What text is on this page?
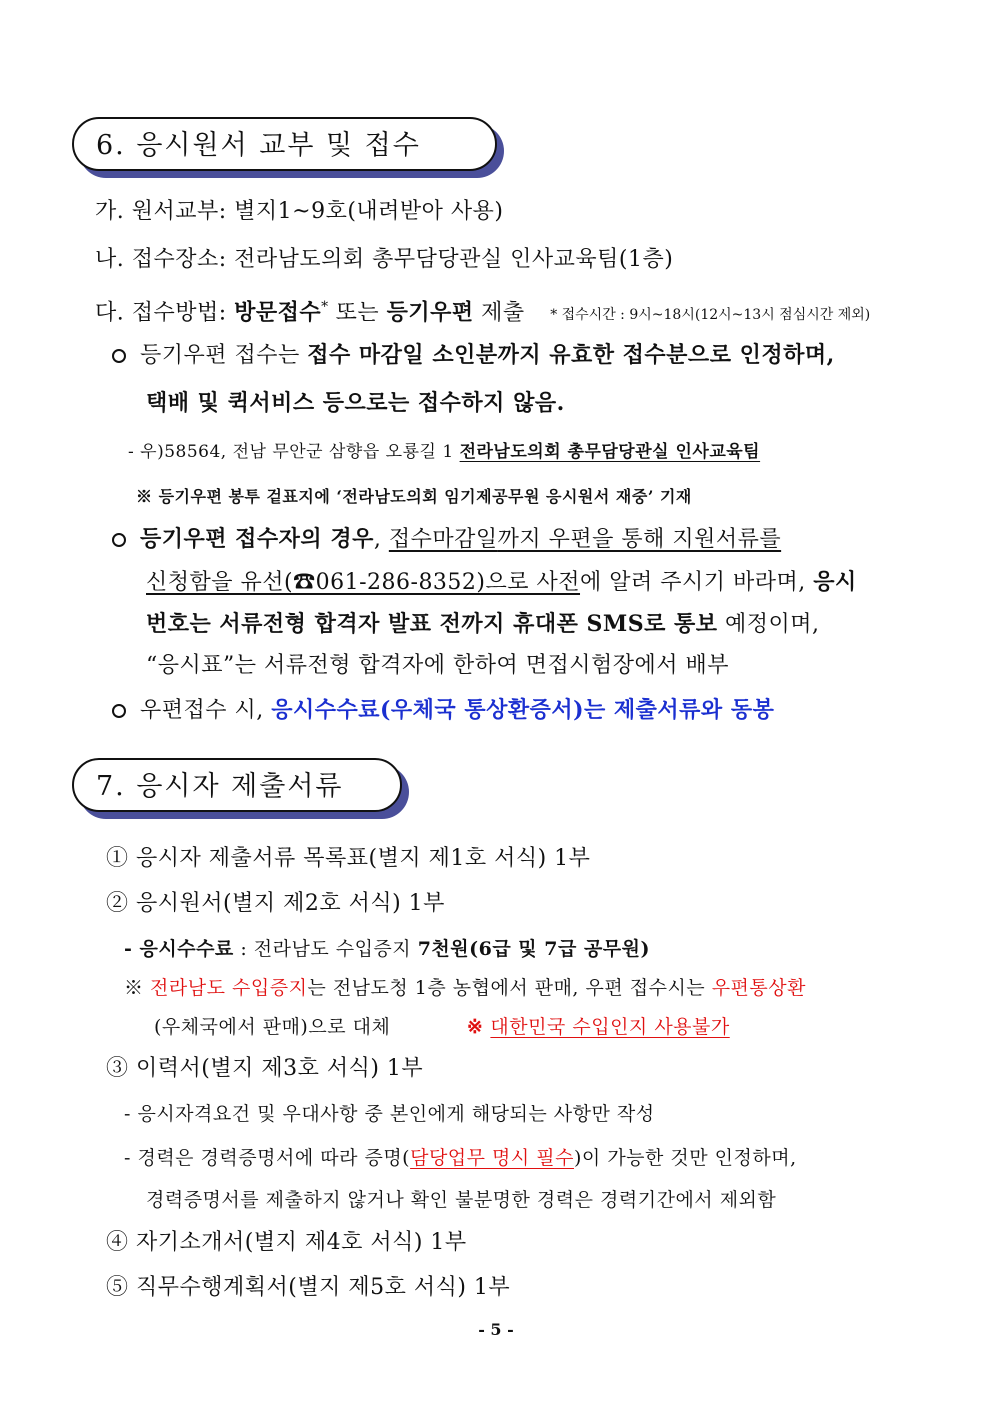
6. 응시원서 교부 및 접수
가. 원서교부: 별지1~9호(내려받아 사용)
나. 접수장소: 전라남도의회 총무담당관실 인사교육팀(1층)
다. 접수방법: 방문접수* 또는 등기우편 제출 * 접수시간 : 9시~18시(12시~13시 점심시간 제외)
등기우편 접수는 접수 마감일 소인분까지 유효한 접수분으로 인정하며,
택배 및 퀵서비스 등으로는 접수하지 않음.
- 우)58564, 전남 무안군 삼향읍 오룡길 1 전라남도의회 총무담당관실 인사교육팀
※ 등기우편 봉투 겉표지에 ‘전라남도의회 임기제공무원 응시원서 재중’ 기재
등기우편 접수자의 경우, 접수마감일까지 우편을 통해 지원서류를
신청함을 유선(☎061-286-8352)으로 사전에 알려 주시기 바라며, 응시
번호는 서류전형 합격자 발표 전까지 휴대폰 SMS로 통보 예정이며,
“응시표”는 서류전형 합격자에 한하여 면접시험장에서 배부
우편접수 시, 응시수수료(우체국 통상환증서)는 제출서류와 동봉
7. 응시자 제출서류
① 응시자 제출서류 목록표(별지 제1호 서식) 1부
② 응시원서(별지 제2호 서식) 1부
- 응시수수료 : 전라남도 수입증지 7천원(6급 및 7급 공무원)
※ 전라남도 수입증지는 전남도청 1층 농협에서 판매, 우편 접수시는 우편통상환
(우체국에서 판매)으로 대체	※ 대한민국 수입인지 사용불가
③ 이력서(별지 제3호 서식) 1부
- 응시자격요건 및 우대사항 중 본인에게 해당되는 사항만 작성
- 경력은 경력증명서에 따라 증명(담당업무 명시 필수)이 가능한 것만 인정하며,
경력증명서를 제출하지 않거나 확인 불분명한 경력은 경력기간에서 제외함
④ 자기소개서(별지 제4호 서식) 1부
⑤ 직무수행계획서(별지 제5호 서식) 1부
- 5 -
